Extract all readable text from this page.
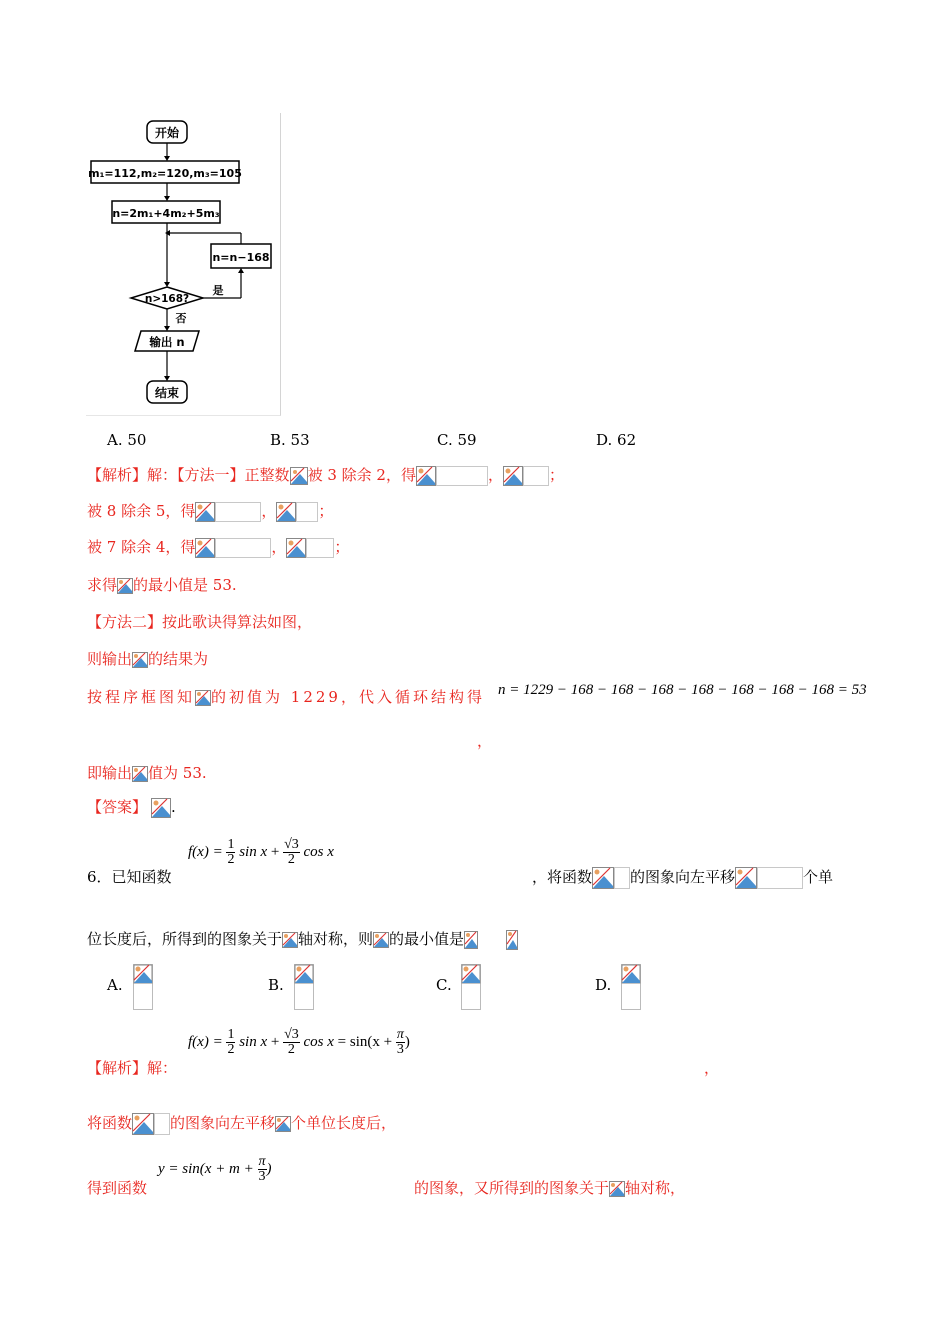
开始
m₁=112,m₂=120,m₃=105
n=2m₁+4m₂+5m₃
n=n−168
n>168?
是
否
输出 n
结束
A. 50	B. 53	C. 59	D. 62
【解析】解：【方法一】正整数 被 3 除余 2，得	，	；
被 8 除余 5，得	，	；
被 7 除余 4，得	，	；
求得 的最小值是 53.
【方法二】按此歌诀得算法如图，
则输出 的结果为
按程序框图知 的初值为 1229，代入循环结构得 n = 1229 − 168 − 168 − 168 − 168 − 168 − 168 − 168 = 53
，
即输出 值为 53.
【答案】 .
$f(x) = \frac{1}{2}$ $\sin x + \frac{√3}{2}$ cos x
6．已知函数	，将函数	的图象向左平移	个单
位长度后，所得到的图象关于 轴对称，则 的最小值是
A.	B.	C.	D.
【解析】解：
$f(x) = \frac{1}{2}$ $\sin x + \frac{√3}{2}$ $\cos x = \sin(x + \frac{\pi}{3}$ )
，
将函数	的图象向左平移 个单位长度后，
得到函数
$y = \sin(x + m + \frac{\pi}{3}$ )
的图象，又所得到的图象关于 轴对称，
